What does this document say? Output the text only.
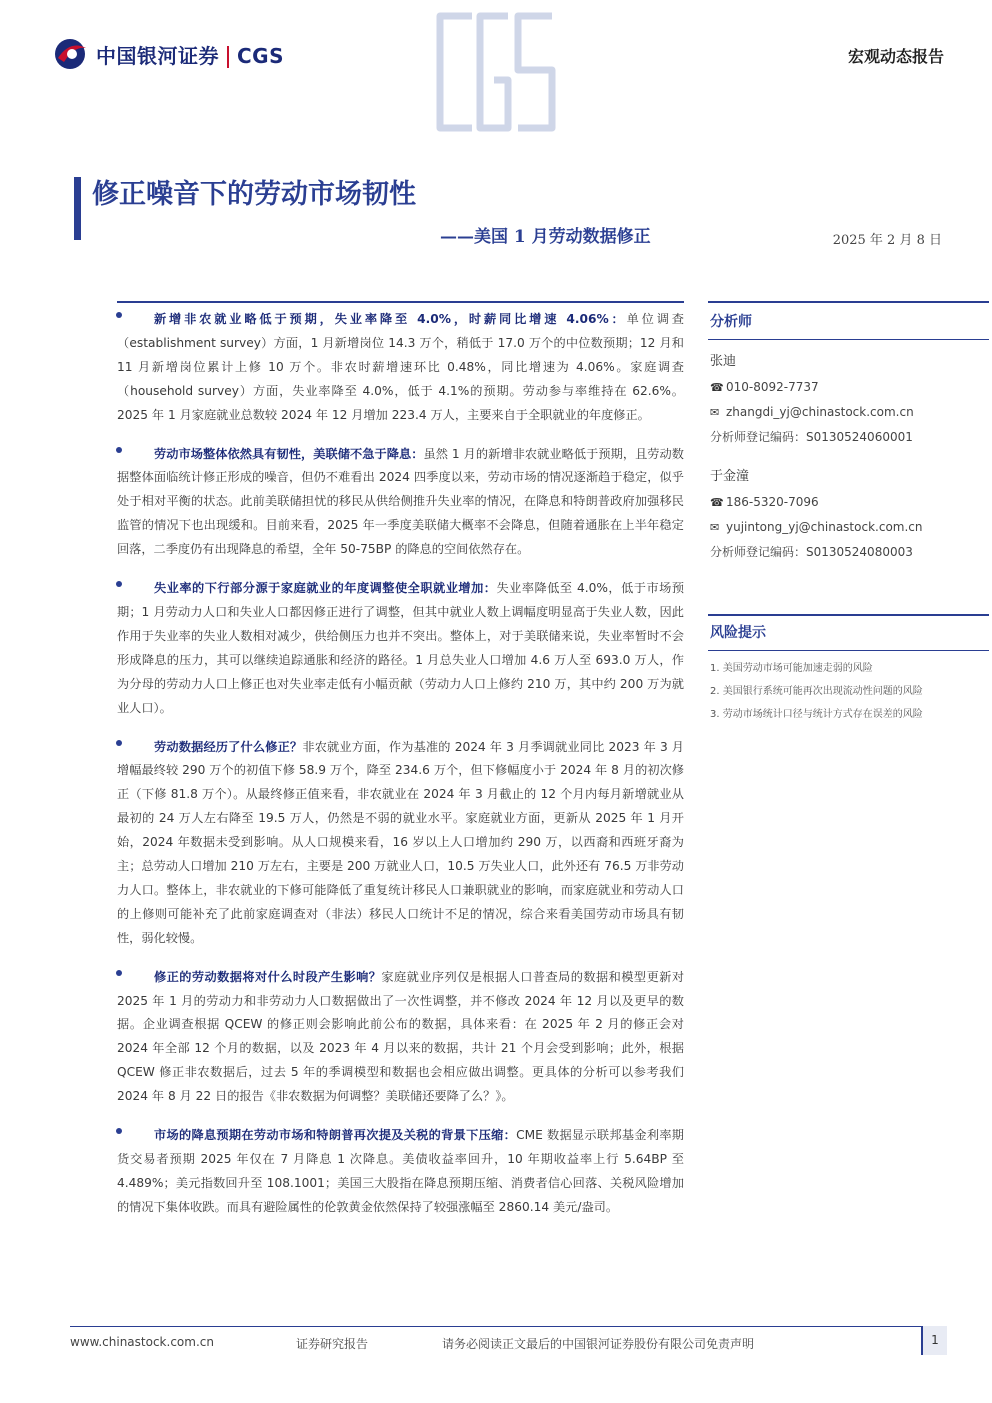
中国银河证券 CGS
CGS
宏观动态报告
修正噪音下的劳动市场韧性
——美国 1 月劳动数据修正	2025 年 2 月 8 日
新增非农就业略低于预期，失业率降至 4.0%，时薪同比增速 4.06%：单位调查（establishment survey）方面，1 月新增岗位 14.3 万个，稍低于 17.0 万个的中位数预期；12 月和 11 月新增岗位累计上修 10 万个。非农时薪增速环比 0.48%，同比增速为 4.06%。家庭调查（household survey）方面，失业率降至 4.0%，低于 4.1%的预期。劳动参与率维持在 62.6%。2025 年 1 月家庭就业总数较 2024 年 12 月增加 223.4 万人，主要来自于全职就业的年度修正。
劳动市场整体依然具有韧性，美联储不急于降息：虽然 1 月的新增非农就业略低于预期，且劳动数据整体面临统计修正形成的噪音，但仍不难看出 2024 四季度以来，劳动市场的情况逐渐趋于稳定，似乎处于相对平衡的状态。此前美联储担忧的移民从供给侧推升失业率的情况，在降息和特朗普政府加强移民监管的情况下也出现缓和。目前来看，2025 年一季度美联储大概率不会降息，但随着通胀在上半年稳定回落，二季度仍有出现降息的希望，全年 50-75BP 的降息的空间依然存在。
失业率的下行部分源于家庭就业的年度调整使全职就业增加：失业率降低至 4.0%，低于市场预期；1 月劳动力人口和失业人口都因修正进行了调整，但其中就业人数上调幅度明显高于失业人数，因此作用于失业率的失业人数相对减少，供给侧压力也并不突出。整体上，对于美联储来说，失业率暂时不会形成降息的压力，其可以继续追踪通胀和经济的路径。1 月总失业人口增加 4.6 万人至 693.0 万人，作为分母的劳动力人口上修正也对失业率走低有小幅贡献（劳动力人口上修约 210 万，其中约 200 万为就业人口）。
劳动数据经历了什么修正？非农就业方面，作为基准的 2024 年 3 月季调就业同比 2023 年 3 月增幅最终较 290 万个的初值下修 58.9 万个，降至 234.6 万个，但下修幅度小于 2024 年 8 月的初次修正（下修 81.8 万个）。从最终修正值来看，非农就业在 2024 年 3 月截止的 12 个月内每月新增就业从最初的 24 万人左右降至 19.5 万人，仍然是不弱的就业水平。家庭就业方面，更新从 2025 年 1 月开始，2024 年数据未受到影响。从人口规模来看，16 岁以上人口增加约 290 万，以西裔和西班牙裔为主；总劳动人口增加 210 万左右，主要是 200 万就业人口，10.5 万失业人口，此外还有 76.5 万非劳动力人口。整体上，非农就业的下修可能降低了重复统计移民人口兼职就业的影响，而家庭就业和劳动人口的上修则可能补充了此前家庭调查对（非法）移民人口统计不足的情况，综合来看美国劳动市场具有韧性，弱化较慢。
修正的劳动数据将对什么时段产生影响？家庭就业序列仅是根据人口普查局的数据和模型更新对 2025 年 1 月的劳动力和非劳动力人口数据做出了一次性调整，并不修改 2024 年 12 月以及更早的数据。企业调查根据 QCEW 的修正则会影响此前公布的数据，具体来看：在 2025 年 2 月的修正会对 2024 年全部 12 个月的数据，以及 2023 年 4 月以来的数据，共计 21 个月会受到影响；此外，根据 QCEW 修正非农数据后，过去 5 年的季调模型和数据也会相应做出调整。更具体的分析可以参考我们 2024 年 8 月 22 日的报告《非农数据为何调整？美联储还要降了么？》。
市场的降息预期在劳动市场和特朗普再次提及关税的背景下压缩：CME 数据显示联邦基金利率期货交易者预期 2025 年仅在 7 月降息 1 次降息。美债收益率回升，10 年期收益率上行 5.64BP 至 4.489%；美元指数回升至 108.1001；美国三大股指在降息预期压缩、消费者信心回落、关税风险增加的情况下集体收跌。而具有避险属性的伦敦黄金依然保持了较强涨幅至 2860.14 美元/盎司。
分析师
张迪
☎ 010-8092-7737
✉ zhangdi_yj@chinastock.com.cn
分析师登记编码：S0130524060001
于金潼
☎ 186-5320-7096
✉ yujintong_yj@chinastock.com.cn
分析师登记编码：S0130524080003
风险提示
1. 美国劳动市场可能加速走弱的风险
2. 美国银行系统可能再次出现流动性问题的风险
3. 劳动市场统计口径与统计方式存在误差的风险
www.chinastock.com.cn	证券研究报告	请务必阅读正文最后的中国银河证券股份有限公司免责声明	1
